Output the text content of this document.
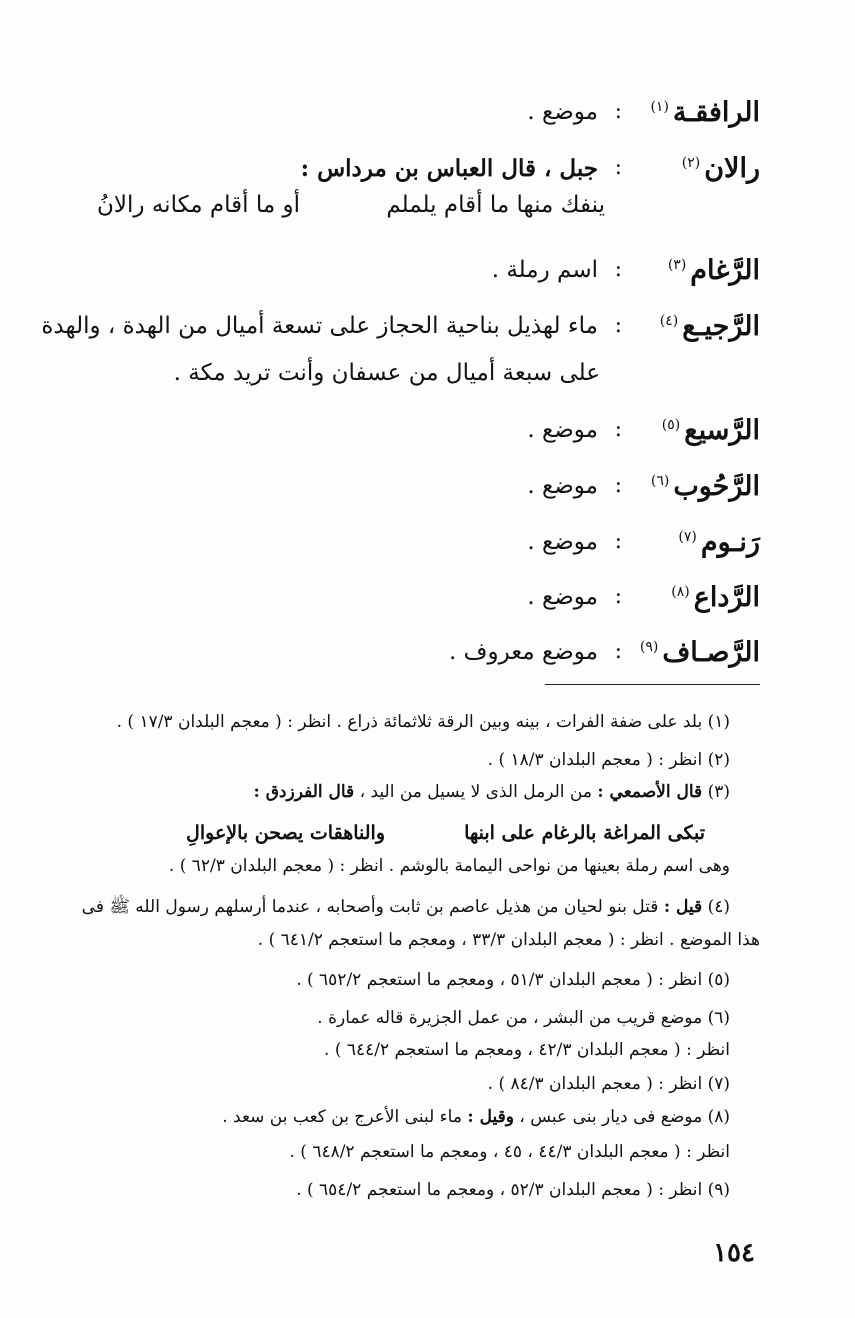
الرافقـة$^{(١)}$
:
موضع .
رالان$^{(٢)}$
:
جبل ، قال العباس بن مرداس :
ينفك منها ما أقام يلملم
أو ما أقام مكانه رالانُ
الرَّغام$^{(٣)}$
:
اسم رملة .
الرَّجيـع$^{(٤)}$
:
ماء لهذيل بناحية الحجاز على تسعة أميال من الهدة ، والهدة
على سبعة أميال من عسفان وأنت تريد مكة .
الرَّسيع$^{(٥)}$
:
موضع .
الرَّحُوب$^{(٦)}$
:
موضع .
رَنـوم$^{(٧)}$
:
موضع .
الرَّداع$^{(٨)}$
:
موضع .
الرَّصـاف$^{(٩)}$
:
موضع معروف .
(١) بلد على ضفة الفرات ، بينه وبين الرقة ثلاثمائة ذراع . انظر : ( معجم البلدان ١٧/٣ ) .
(٢) انظر : ( معجم البلدان ١٨/٣ ) .
(٣) قال الأصمعي : من الرمل الذى لا يسيل من اليد ، قال الفرزدق :
تبكى المراغة بالرغام على ابنها
والناهقات يصحن بالإعوالِ
وهى اسم رملة بعينها من نواحى اليمامة بالوشم . انظر : ( معجم البلدان ٦٢/٣ ) .
(٤) قيل : قتل بنو لحيان من هذيل عاصم بن ثابت وأصحابه ، عندما أرسلهم رسول الله ﷺ فى
هذا الموضع . انظر : ( معجم البلدان ٣٣/٣ ، ومعجم ما استعجم ٦٤١/٢ ) .
(٥) انظر : ( معجم البلدان ٥١/٣ ، ومعجم ما استعجم ٦٥٢/٢ ) .
(٦) موضع قريب من البشر ، من عمل الجزيرة قاله عمارة .
انظر : ( معجم البلدان ٤٢/٣ ، ومعجم ما استعجم ٦٤٤/٢ ) .
(٧) انظر : ( معجم البلدان ٨٤/٣ ) .
(٨) موضع فى ديار بنى عبس ، وقيل : ماء لبنى الأعرج بن كعب بن سعد .
انظر : ( معجم البلدان ٤٤/٣ ، ٤٥ ، ومعجم ما استعجم ٦٤٨/٢ ) .
(٩) انظر : ( معجم البلدان ٥٢/٣ ، ومعجم ما استعجم ٦٥٤/٢ ) .
١٥٤
